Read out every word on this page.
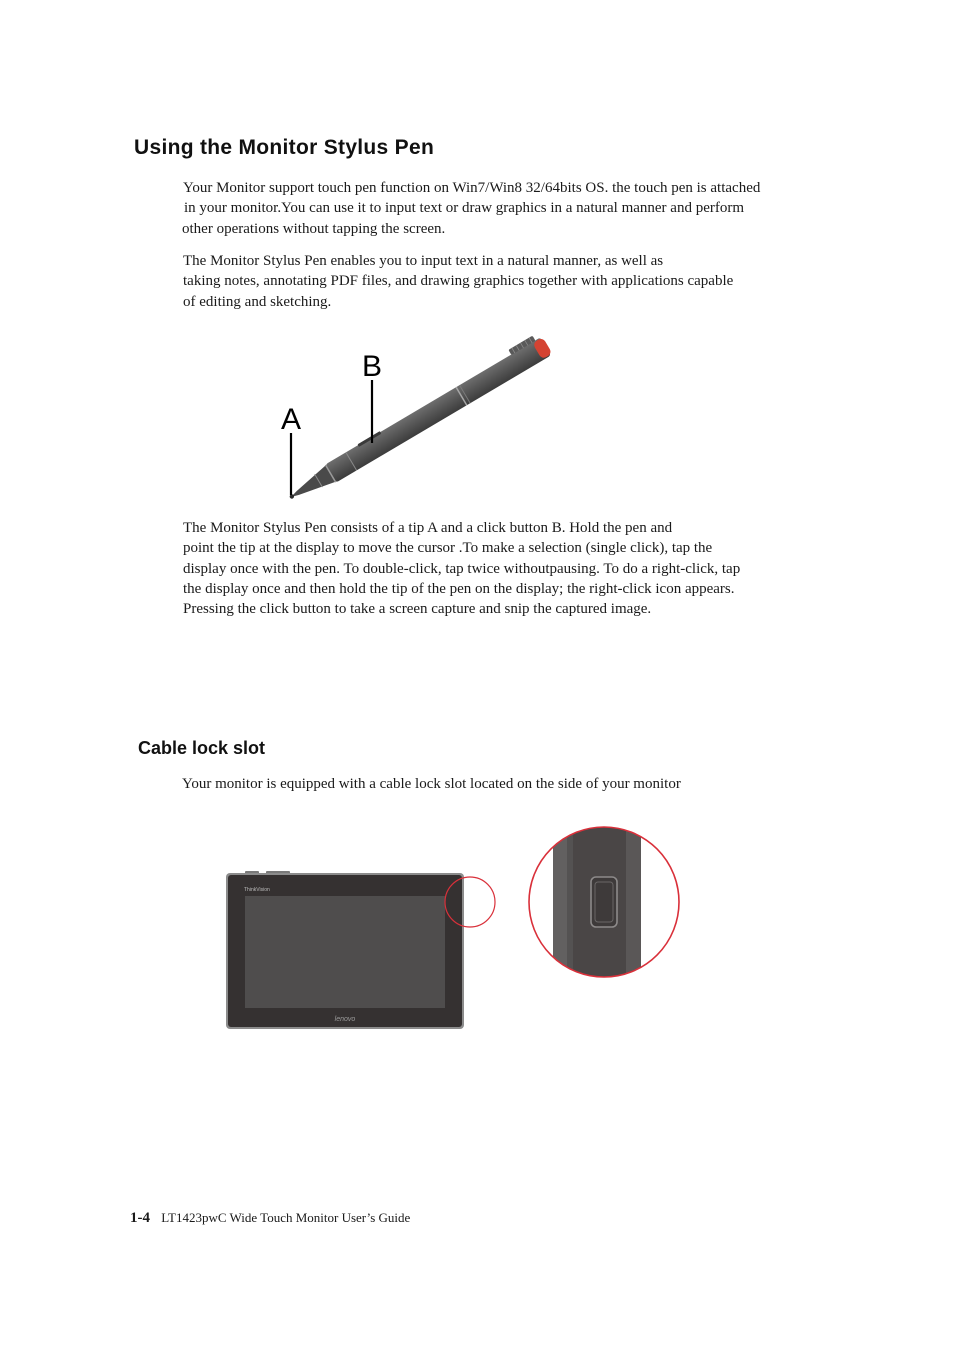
Using the Monitor Stylus Pen

Your Monitor support touch pen function on Win7/Win8 32/64bits OS. the touch pen is attached
in your monitor.You can use it to input text or draw graphics in a natural manner and perform
other operations without tapping the screen.

The Monitor Stylus Pen enables you to input text in a natural manner, as well as
taking notes, annotating PDF files, and drawing graphics together with applications capable
of editing and sketching.

A
B

The Monitor Stylus Pen consists of a tip A and a click button B. Hold the pen and
point the tip at the display to move the cursor .To make a selection (single click), tap the
display once with the pen. To double-click, tap twice withoutpausing. To do a right-click, tap
the display once and then hold the tip of the pen on the display; the right-click icon appears.
Pressing the click button to take a screen capture and snip the captured image.

Cable lock slot

Your monitor is equipped with a cable lock slot located on the side of your monitor

ThinkVision
lenovo
1-4 LT1423pwC Wide Touch Monitor User’s Guide
